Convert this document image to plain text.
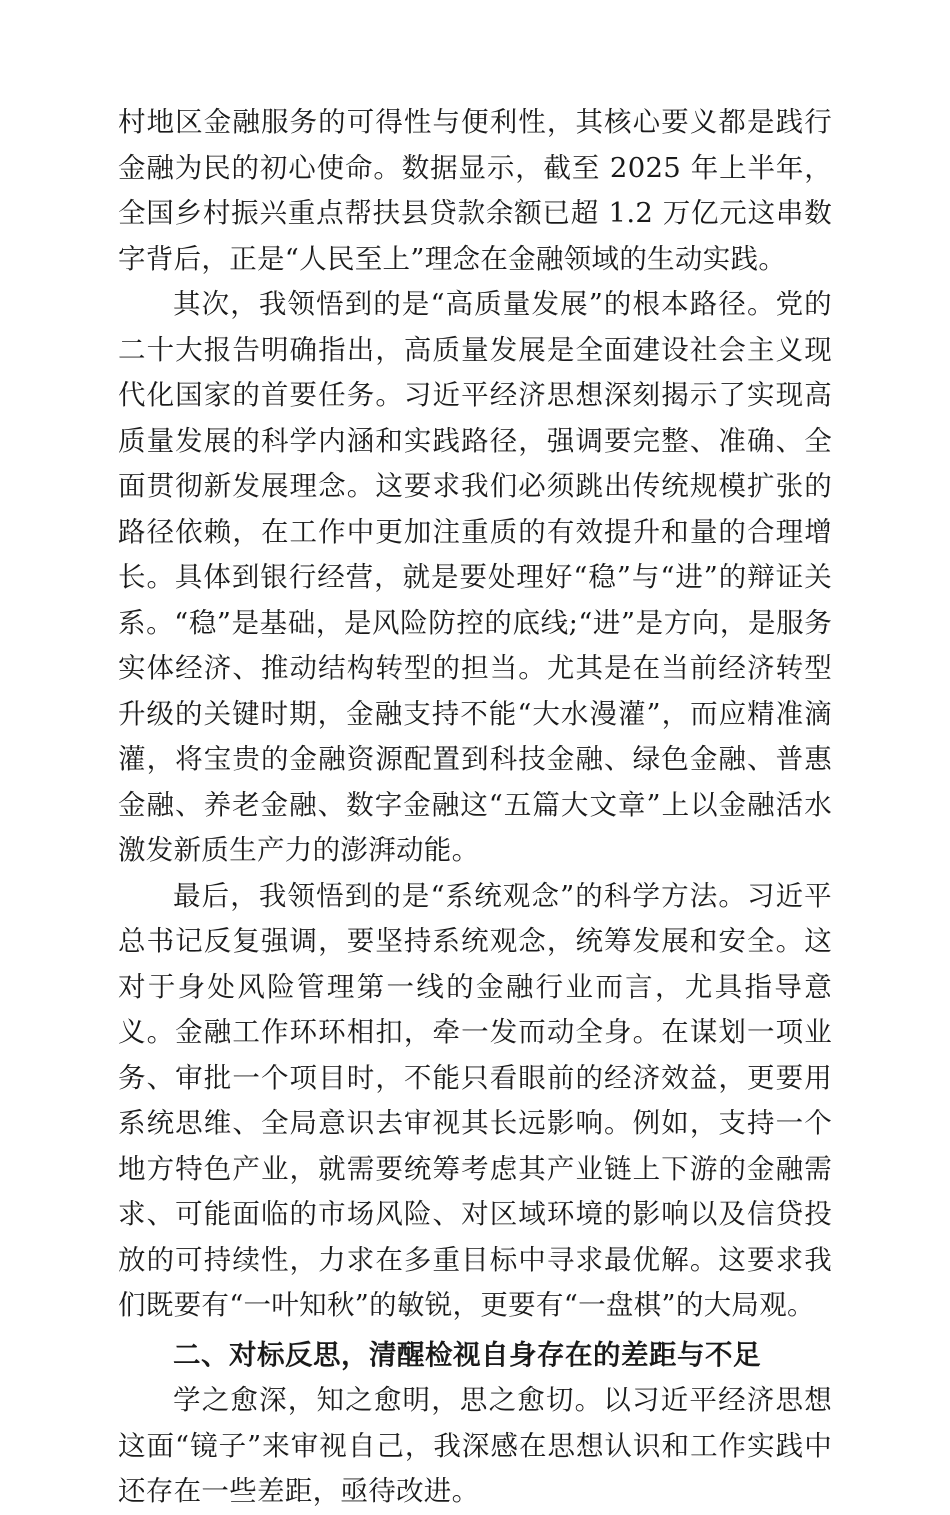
村地区金融服务的可得性与便利性，其核心要义都是践行金融为民的初心使命。数据显示，截至 2025 年上半年，全国乡村振兴重点帮扶县贷款余额已超 1.2 万亿元这串数字背后，正是“人民至上”理念在金融领域的生动实践。

其次，我领悟到的是“高质量发展”的根本路径。党的二十大报告明确指出，高质量发展是全面建设社会主义现代化国家的首要任务。习近平经济思想深刻揭示了实现高质量发展的科学内涵和实践路径，强调要完整、准确、全面贯彻新发展理念。这要求我们必须跳出传统规模扩张的路径依赖，在工作中更加注重质的有效提升和量的合理增长。具体到银行经营，就是要处理好“稳”与“进”的辩证关系。“稳”是基础，是风险防控的底线;“进”是方向，是服务实体经济、推动结构转型的担当。尤其是在当前经济转型升级的关键时期，金融支持不能“大水漫灌”，而应精准滴灌，将宝贵的金融资源配置到科技金融、绿色金融、普惠金融、养老金融、数字金融这“五篇大文章”上以金融活水激发新质生产力的澎湃动能。

最后，我领悟到的是“系统观念”的科学方法。习近平总书记反复强调，要坚持系统观念，统筹发展和安全。这对于身处风险管理第一线的金融行业而言，尤具指导意义。金融工作环环相扣，牵一发而动全身。在谋划一项业务、审批一个项目时，不能只看眼前的经济效益，更要用系统思维、全局意识去审视其长远影响。例如，支持一个地方特色产业，就需要统筹考虑其产业链上下游的金融需求、可能面临的市场风险、对区域环境的影响以及信贷投放的可持续性，力求在多重目标中寻求最优解。这要求我们既要有“一叶知秋”的敏锐，更要有“一盘棋”的大局观。

二、对标反思，清醒检视自身存在的差距与不足

学之愈深，知之愈明，思之愈切。以习近平经济思想这面“镜子”来审视自己，我深感在思想认识和工作实践中还存在一些差距，亟待改进。
